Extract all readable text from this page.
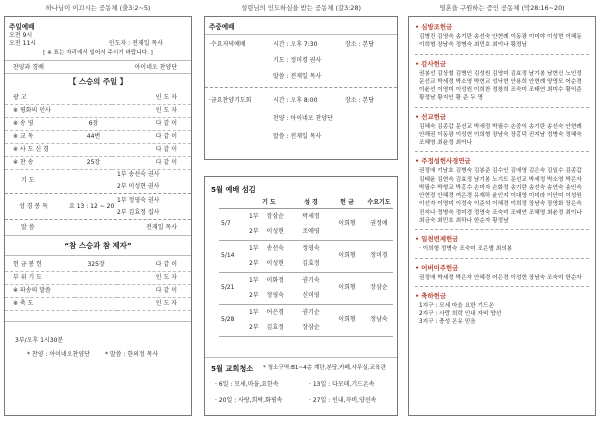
하나님이 이끄시는 공동체 (출3:2~5)
주일예배
오전 9시
오전 11시	인도자 : 전재일 목사
[ ※ 표는 자리에서 일어서 주시기 바랍니다. ]
찬양과 경배	아이네오 찬양단
【 스승의 주일 】
광 고		인 도 자
※ 평화의 인사		인 도 자
※ 송 영	6장	다 같 이
※ 교 독	44번	다 같 이
※ 사 도 신 경		다 같 이
※ 찬 송	25장	다 같 이
기 도
1부 송선숙 권사
2부 이성현 권사
성 경 봉 독	요 13 : 12 ~ 20
1부 정영숙 권사
2부 김효정 집사
말 씀	전재일 목사
“참 스승과 참 제자”
헌 금 봉 헌	325장	다 같 이
부 위 기 도		인 도 자
※ 파송의 말씀		다 같 이
※ 축 도		인 도 자
3부/오후 1시30분
* 찬양 : 아이네오찬양단	* 말씀 : 한의정 목사
성령님의 인도하심을 받는 공동체 (갈3:28)
주중예배
·수요저녁예배	시간 : 오후 7:30	장소 : 본당
기도 : 정미경 권사
말씀 : 전재일 목사
·금요찬양기도회	시간 : 오후 8:00	장소 : 본당
찬양 : 아이네오 찬양단
말씀 : 전재일 목사
5월 예배 섬김
	기 도	성 경	헌 금	수요기도
5/7	1부 장삼순	박세정	이희형	권정애
	2부 이성현	조애영		
5/14	1부 송선숙	정영숙	이희형	정미경
	2부 이성현	김효정		
5/21	1부 이화정	권기숙	이희형	장삼순
	2부 정영숙	신미영		
5/28	1부 어은경	권기순	이희형	정남숙
	2부 김효정	장삼순		
5월 교회청소 * 청소구역:B1~4층 계단,본당,카페,사무실,교육관
· 6일 : 모세,마을,요한속	· 13일 : 다모데,기드온속
· 20일 : 사랑,희락,화평속	· 27일 : 인내,자비,양선속
영혼을 구원하는 증인 공동체 (막28:16~20)
• 심방조헌금
김병진 김영숙 송기란 송선숙 안현례 이동광 이미야 이성현 이혜동 이희형 장남숙 정병숙 최민호 최이나 황정님
• 감사헌금
권봉선 김상철 김병인 김성원 김영미 김효정 남기봉 남현신 노인정 문선교 박세정 박소영 박현교 성낙현 안용희 안현례 양영모 어순경 이윤선 이영미 이성원 이희찬 정창희 조숙미 조태연 최미수 황익준 황정남 황지인 황 준 두 명
• 선교헌금
김혜숙 김종갑 문선교 박세정 박필수 손중익 송기란 송선숙 안현례 안해권 이동광 이성현 이희형 장남숙 장홍덕 진지남 정병숙 정혜숙 조혜영 최윤정 최이나
• 주정성헌사경연금
권정애 기남호 김병숙 김봉준 김수인 김애영 김은숙 김일수 김종갑 김태윤 김현숙 김효정 남기봉 노기도 문선교 박세정 박소영 박은자 박필수 박형교 박홍수 손미자 손화정 송기란 송선숙 송연숙 송인숙 안현정 안혜경 여은경 유재하 윤인지 이대영 이미라 이안미 이성원 이선자 이영미 이정숙 이준석 이혜경 이희정 장남숙 장영화 장은숙 진지나 정병숙 정미경 정영숙 조숙미 조태연 조혜영 최윤정 최이나 최금숙 최민호 최하나 한순자 황정남
• 일천번제헌금
· 이희형 정병숙 조숙미 조은별 최의봉
• 어버이주헌금
권정애 박세정 박은자 안혜경 어은경 이성현 장남숙 조숙미 한순자
• 축하헌금
1지구 : 모세 마을 요한 기드온
2지구 : 사랑 희락 인내 자비 양선
3지구 : 충성 온유 믿음
